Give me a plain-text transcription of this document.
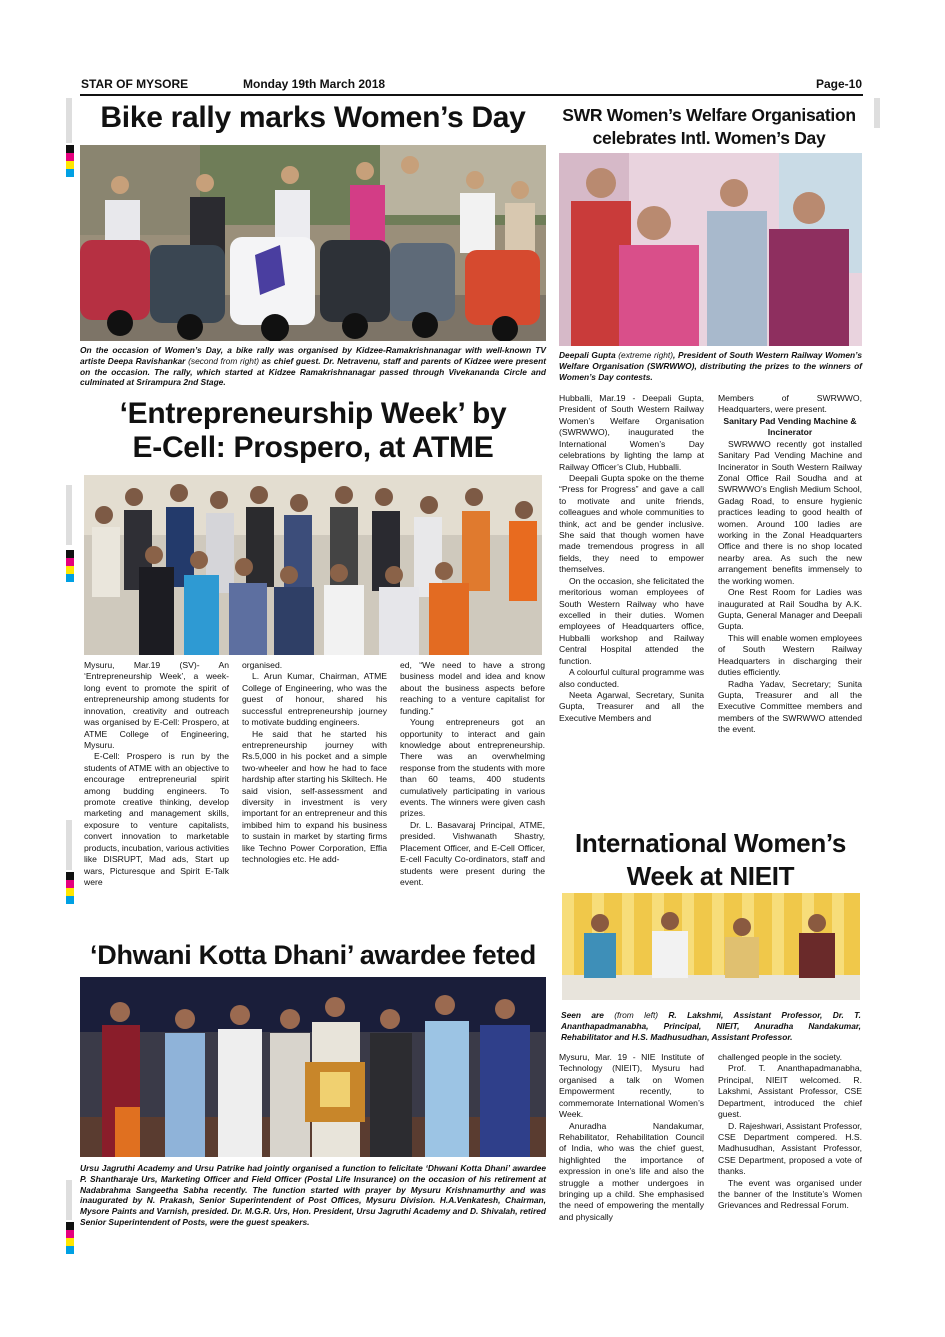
STAR OF MYSORE	Monday 19th March 2018	Page-10
Bike rally marks Women’s Day
On the occasion of Women’s Day, a bike rally was organised by Kidzee-Ramakrishnanagar with well-known TV artiste Deepa Ravishankar (second from right) as chief guest. Dr. Netravenu, staff and parents of Kidzee were present on the occasion. The rally, which started at Kidzee Ramakrishnanagar passed through Vivekananda Circle and culminated at Srirampura 2nd Stage.
SWR Women’s Welfare Organisation
celebrates Intl. Women’s Day
Deepali Gupta (extreme right), President of South Western Railway Women’s Welfare Organisation (SWRWWO), distributing the prizes to the winners of Women’s Day contests.

Hubballi, Mar.19 - Deepali Gupta, President of South Western Railway Women’s Welfare Organisation (SWRWWO), inaugurated the International Women’s Day celebrations by lighting the lamp at Railway Officer’s Club, Hubballi.

Deepali Gupta spoke on the theme “Press for Progress” and gave a call to motivate and unite friends, colleagues and whole communities to think, act and be gender inclusive. She said that though women have made tremendous progress in all fields, they need to empower themselves.

On the occasion, she felicitated the meritorious woman employees of South Western Railway who have excelled in their duties. Women employees of Headquarters office, Hubballi workshop and Railway Central Hospital attended the function.

A colourful cultural programme was also conducted.

Neeta Agarwal, Secretary, Sunita Gupta, Treasurer and all the Executive Members and

Members of SWRWWO, Headquarters, were present.

Sanitary Pad Vending Machine & Incinerator

SWRWWO recently got installed Sanitary Pad Vending Machine and Incinerator in South Western Railway Zonal Office Rail Soudha and at SWRWWO’s English Medium School, Gadag Road, to ensure hygienic practices leading to good health of women. Around 100 ladies are working in the Zonal Headquarters Office and there is no shop located nearby area. As such the new arrangement benefits immensely to the working women.

One Rest Room for Ladies was inaugurated at Rail Soudha by A.K. Gupta, General Manager and Deepali Gupta.

This will enable women employees of South Western Railway Headquarters in discharging their duties efficiently.

Radha Yadav, Secretary; Sunita Gupta, Treasurer and all the Executive Committee members and members of the SWRWWO attended the event.

‘Entrepreneurship Week’ by
E-Cell: Prospero, at ATME

Mysuru, Mar.19 (SV)- An ‘Entrepreneurship Week’, a week-long event to promote the spirit of entrepreneurship among students for innovation, creativity and outreach was organised by E-Cell: Prospero, at ATME College of Engineering, Mysuru.

E-Cell: Prospero is run by the students of ATME with an objective to encourage entrepreneurial spirit among budding engineers. To promote creative thinking, develop marketing and management skills, exposure to venture capitalists, convert innovation to marketable products, incubation, various activities like DISRUPT, Mad ads, Start up wars, Picturesque and Spirit E-Talk were

organised.

L. Arun Kumar, Chairman, ATME College of Engineering, who was the guest of honour, shared his successful entrepreneurship journey to motivate budding engineers.

He said that he started his entrepreneurship journey with Rs.5,000 in his pocket and a simple two-wheeler and how he had to face hardship after starting his Skiltech. He said vision, self-assessment and diversity in investment is very important for an entrepreneur and this imbibed him to expand his business to sustain in market by starting firms like Techno Power Corporation, Effia technologies etc. He add-

ed, “We need to have a strong business model and idea and know about the business aspects before reaching to a venture capitalist for funding.”

Young entrepreneurs got an opportunity to interact and gain knowledge about entrepreneurship. There was an overwhelming response from the students with more than 60 teams, 400 students cumulatively participating in various events. The winners were given cash prizes.

Dr. L. Basavaraj Principal, ATME, presided. Vishwanath Shastry, Placement Officer, and E-Cell Officer, E-cell Faculty Co-ordinators, staff and students were present during the event.

‘Dhwani Kotta Dhani’ awardee feted
Ursu Jagruthi Academy and Ursu Patrike had jointly organised a function to felicitate ‘Dhwani Kotta Dhani’ awardee P. Shantharaje Urs, Marketing Officer and Field Officer (Postal Life Insurance) on the occasion of his retirement at Nadabrahma Sangeetha Sabha recently. The function started with prayer by Mysuru Krishnamurthy and was inaugurated by N. Prakash, Senior Superintendent of Post Offices, Mysuru Division. H.A.Venkatesh, Chairman, Mysore Paints and Varnish, presided. Dr. M.G.R. Urs, Hon. President, Ursu Jagruthi Academy and D. Shivalah, retired Senior Superintendent of Posts, were the guest speakers.
International Women’s
Week at NIEIT
Seen are (from left) R. Lakshmi, Assistant Professor, Dr. T. Ananthapadmanabha, Principal, NIEIT, Anuradha Nandakumar, Rehabilitator and H.S. Madhusudhan, Assistant Professor.

Mysuru, Mar. 19 - NIE Institute of Technology (NIEIT), Mysuru had organised a talk on Women Empowerment recently, to commemorate International Women’s Week.

Anuradha Nandakumar, Rehabilitator, Rehabilitation Council of India, who was the chief guest, highlighted the importance of expression in one’s life and also the struggle a mother undergoes in bringing up a child. She emphasised the need of empowering the mentally and physically

challenged people in the society.

Prof. T. Ananthapadmanabha, Principal, NIEIT welcomed. R. Lakshmi, Assistant Professor, CSE Department, introduced the chief guest.

D. Rajeshwari, Assistant Professor, CSE Department compered. H.S. Madhusudhan, Assistant Professor, CSE Department, proposed a vote of thanks.

The event was organised under the banner of the Institute’s Women Grievances and Redressal Forum.
